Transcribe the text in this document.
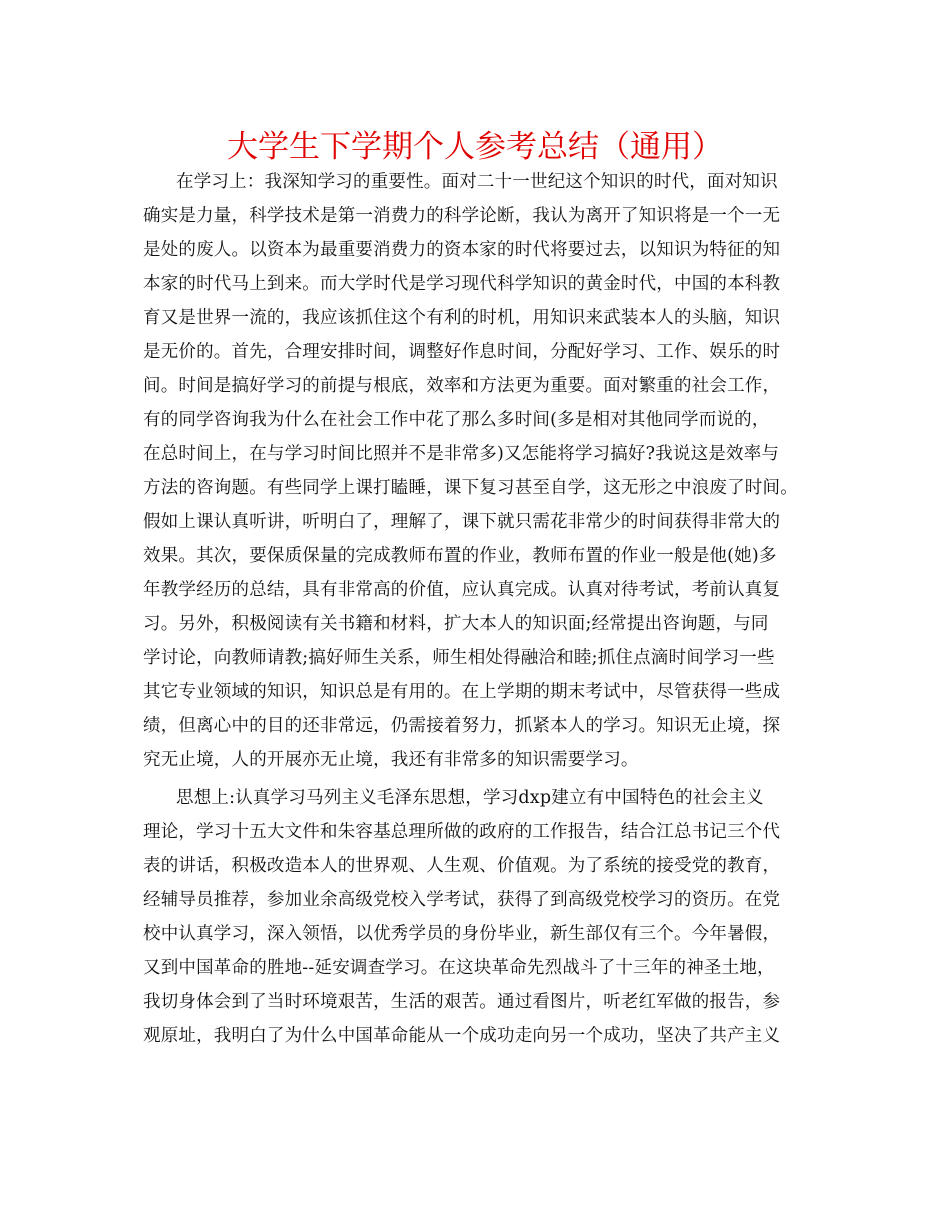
大学生下学期个人参考总结（通用）

在学习上：我深知学习的重要性。面对二十一世纪这个知识的时代，面对知识

确实是力量，科学技术是第一消费力的科学论断，我认为离开了知识将是一个一无

是处的废人。以资本为最重要消费力的资本家的时代将要过去，以知识为特征的知

本家的时代马上到来。而大学时代是学习现代科学知识的黄金时代，中国的本科教

育又是世界一流的，我应该抓住这个有利的时机，用知识来武装本人的头脑，知识

是无价的。首先，合理安排时间，调整好作息时间，分配好学习、工作、娱乐的时

间。时间是搞好学习的前提与根底，效率和方法更为重要。面对繁重的社会工作，

有的同学咨询我为什么在社会工作中花了那么多时间(多是相对其他同学而说的，

在总时间上，在与学习时间比照并不是非常多)又怎能将学习搞好?我说这是效率与

方法的咨询题。有些同学上课打瞌睡，课下复习甚至自学，这无形之中浪废了时间。

假如上课认真听讲，听明白了，理解了，课下就只需花非常少的时间获得非常大的

效果。其次，要保质保量的完成教师布置的作业，教师布置的作业一般是他(她)多

年教学经历的总结，具有非常高的价值，应认真完成。认真对待考试，考前认真复

习。另外，积极阅读有关书籍和材料，扩大本人的知识面;经常提出咨询题，与同

学讨论，向教师请教;搞好师生关系，师生相处得融洽和睦;抓住点滴时间学习一些

其它专业领域的知识，知识总是有用的。在上学期的期末考试中，尽管获得一些成

绩，但离心中的目的还非常远，仍需接着努力，抓紧本人的学习。知识无止境，探

究无止境，人的开展亦无止境，我还有非常多的知识需要学习。

思想上:认真学习马列主义毛泽东思想，学习dxp建立有中国特色的社会主义

理论，学习十五大文件和朱容基总理所做的政府的工作报告，结合江总书记三个代

表的讲话，积极改造本人的世界观、人生观、价值观。为了系统的接受党的教育，

经辅导员推荐，参加业余高级党校入学考试，获得了到高级党校学习的资历。在党

校中认真学习，深入领悟，以优秀学员的身份毕业，新生部仅有三个。今年暑假，

又到中国革命的胜地--延安调查学习。在这块革命先烈战斗了十三年的神圣土地，

我切身体会到了当时环境艰苦，生活的艰苦。通过看图片，听老红军做的报告，参

观原址，我明白了为什么中国革命能从一个成功走向另一个成功，坚决了共产主义
